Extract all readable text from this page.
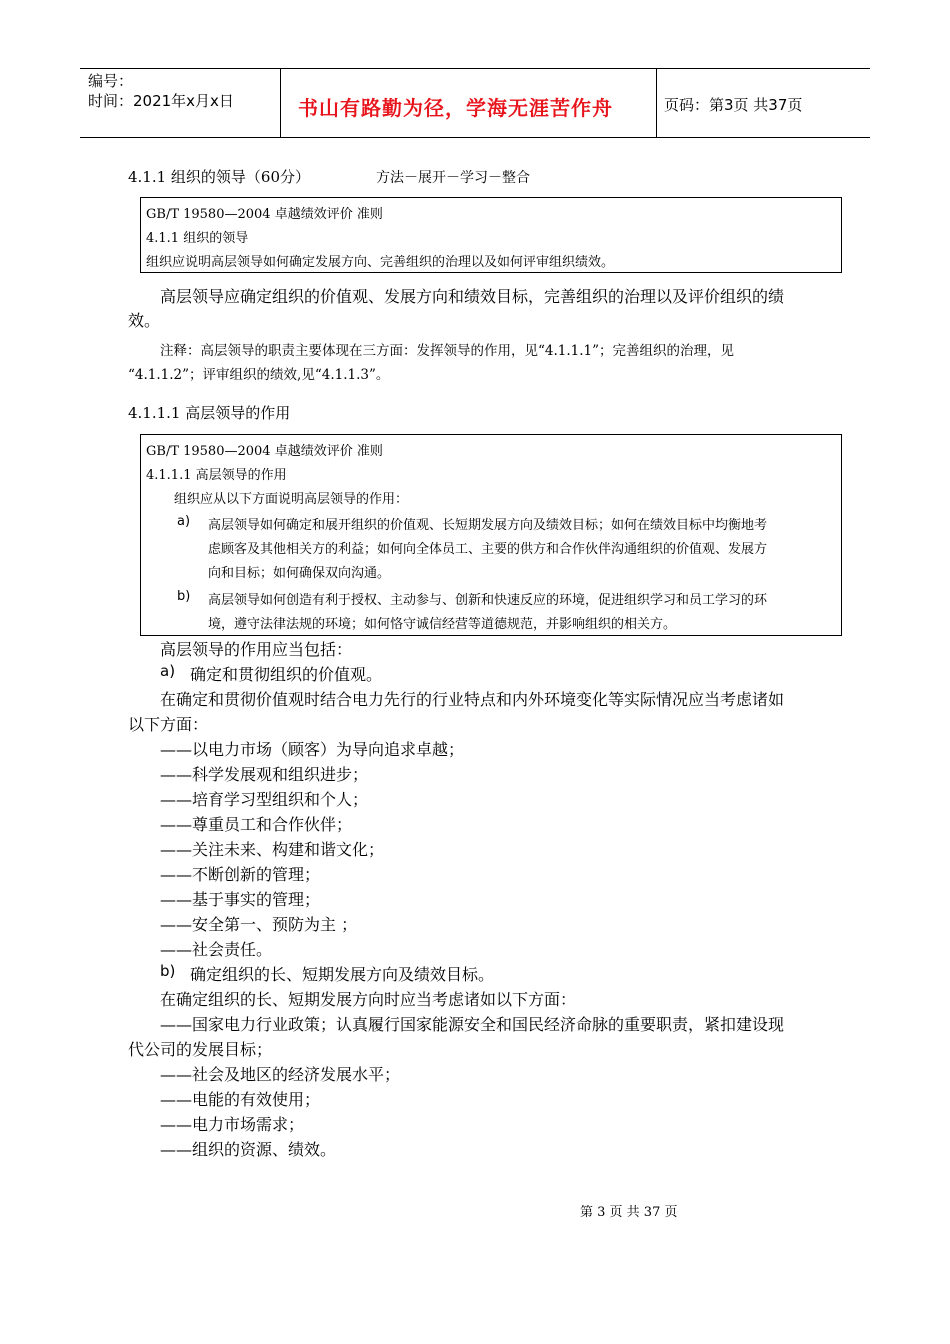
编号：
时间：2021年x月x日	书山有路勤为径，学海无涯苦作舟	页码：第3页 共37页
4.1.1 组织的领导（60分）	方法－展开－学习－整合
GB/T 19580—2004 卓越绩效评价 准则
4.1.1 组织的领导
组织应说明高层领导如何确定发展方向、完善组织的治理以及如何评审组织绩效。
高层领导应确定组织的价值观、发展方向和绩效目标，完善组织的治理以及评价组织的绩
效。
注释：高层领导的职责主要体现在三方面：发挥领导的作用，见“4.1.1.1”；完善组织的治理，见
“4.1.1.2”；评审组织的绩效,见“4.1.1.3”。
4.1.1.1 高层领导的作用
GB/T 19580—2004 卓越绩效评价 准则
4.1.1.1 高层领导的作用
组织应从以下方面说明高层领导的作用：
a) 高层领导如何确定和展开组织的价值观、长短期发展方向及绩效目标；如何在绩效目标中均衡地考
虑顾客及其他相关方的利益；如何向全体员工、主要的供方和合作伙伴沟通组织的价值观、发展方
向和目标；如何确保双向沟通。
b) 高层领导如何创造有利于授权、主动参与、创新和快速反应的环境，促进组织学习和员工学习的环
境，遵守法律法规的环境；如何恪守诚信经营等道德规范，并影响组织的相关方。
高层领导的作用应当包括：
a) 确定和贯彻组织的价值观。
在确定和贯彻价值观时结合电力先行的行业特点和内外环境变化等实际情况应当考虑诸如
以下方面：
——以电力市场（顾客）为导向追求卓越；
——科学发展观和组织进步；
——培育学习型组织和个人；
——尊重员工和合作伙伴；
——关注未来、构建和谐文化；
——不断创新的管理；
——基于事实的管理；
——安全第一、预防为主 ；
——社会责任。
b) 确定组织的长、短期发展方向及绩效目标。
在确定组织的长、短期发展方向时应当考虑诸如以下方面：
——国家电力行业政策；认真履行国家能源安全和国民经济命脉的重要职责，紧扣建设现
代公司的发展目标；
——社会及地区的经济发展水平；
——电能的有效使用；
——电力市场需求；
——组织的资源、绩效。
第 3 页 共 37 页
